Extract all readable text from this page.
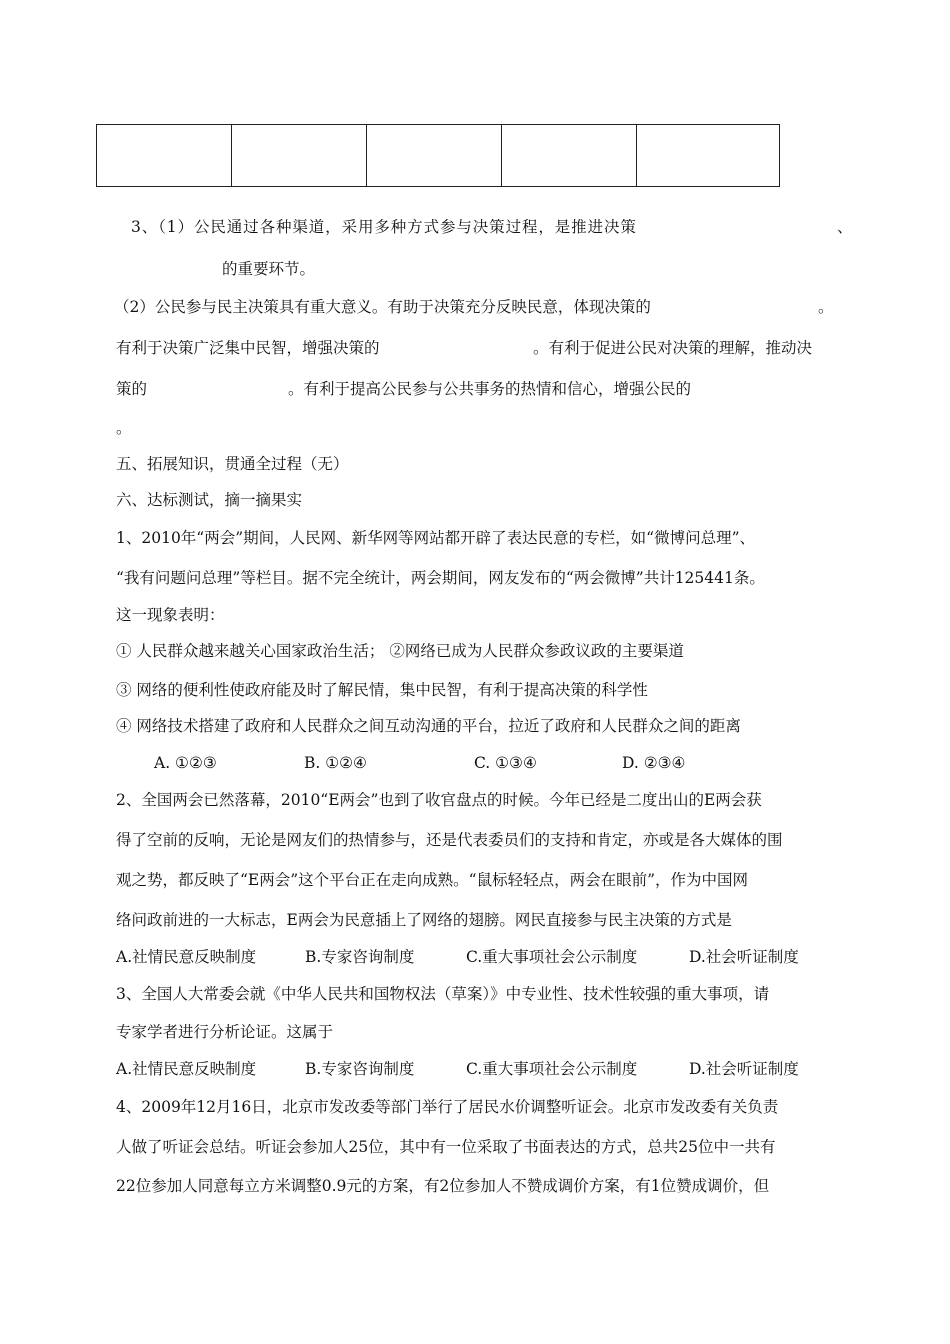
3、（1）公民通过各种渠道，采用多种方式参与决策过程，是推进决策	、
的重要环节。
（2）公民参与民主决策具有重大意义。有助于决策充分反映民意，体现决策的	。
有利于决策广泛集中民智，增强决策的	。有利于促进公民对决策的理解，推动决
策的	。有利于提高公民参与公共事务的热情和信心，增强公民的
。
五、拓展知识，贯通全过程（无）
六、达标测试，摘一摘果实
1、2010年“两会”期间，人民网、新华网等网站都开辟了表达民意的专栏，如“微博问总理”、
“我有问题问总理”等栏目。据不完全统计，两会期间，网友发布的“两会微博”共计125441条。
这一现象表明：
① 人民群众越来越关心国家政治生活； ②网络已成为人民群众参政议政的主要渠道
③ 网络的便利性使政府能及时了解民情，集中民智，有利于提高决策的科学性
④ 网络技术搭建了政府和人民群众之间互动沟通的平台，拉近了政府和人民群众之间的距离
A. ①②③	B. ①②④	C. ①③④	D. ②③④
2、全国两会已然落幕，2010“E两会”也到了收官盘点的时候。今年已经是二度出山的E两会获
得了空前的反响，无论是网友们的热情参与，还是代表委员们的支持和肯定，亦或是各大媒体的围
观之势，都反映了“E两会”这个平台正在走向成熟。“鼠标轻轻点，两会在眼前”，作为中国网
络问政前进的一大标志，E两会为民意插上了网络的翅膀。网民直接参与民主决策的方式是
A.社情民意反映制度	B.专家咨询制度	C.重大事项社会公示制度	D.社会听证制度
3、全国人大常委会就《中华人民共和国物权法（草案）》中专业性、技术性较强的重大事项，请
专家学者进行分析论证。这属于
A.社情民意反映制度	B.专家咨询制度	C.重大事项社会公示制度	D.社会听证制度
4、2009年12月16日，北京市发改委等部门举行了居民水价调整听证会。北京市发改委有关负责
人做了听证会总结。听证会参加人25位，其中有一位采取了书面表达的方式，总共25位中一共有
22位参加人同意每立方米调整0.9元的方案，有2位参加人不赞成调价方案，有1位赞成调价，但
